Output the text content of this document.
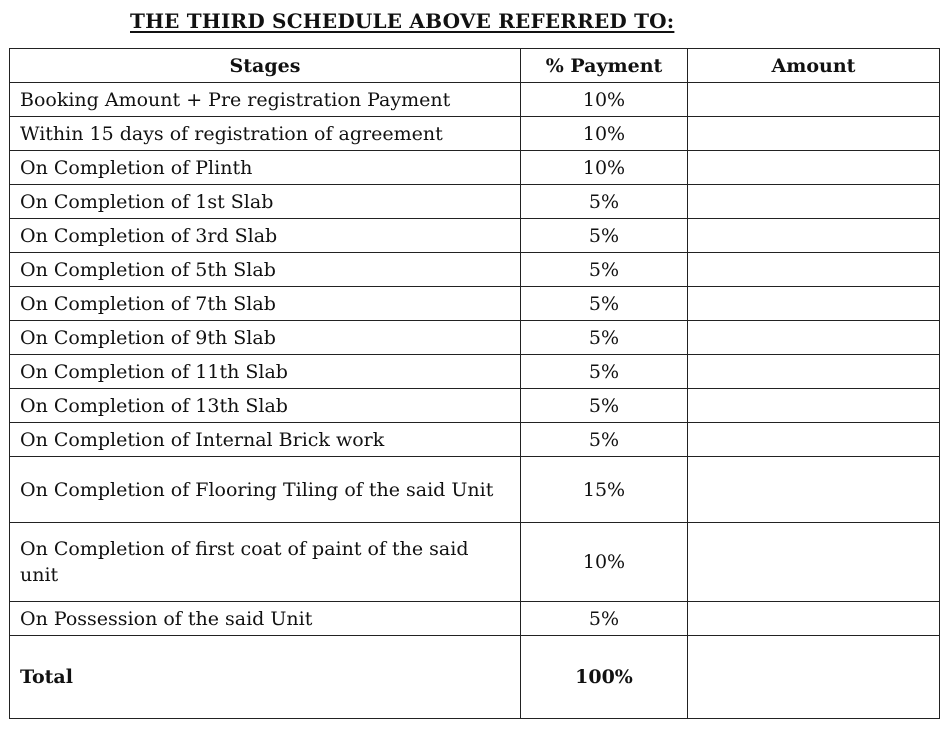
THE THIRD SCHEDULE ABOVE REFERRED TO:
Stages	% Payment	Amount
Booking Amount + Pre registration Payment	10%	
Within 15 days of registration of agreement	10%	
On Completion of Plinth	10%	
On Completion of 1st Slab	5%	
On Completion of 3rd Slab	5%	
On Completion of 5th Slab	5%	
On Completion of 7th Slab	5%	
On Completion of 9th Slab	5%	
On Completion of 11th Slab	5%	
On Completion of 13th Slab	5%	
On Completion of Internal Brick work	5%	
On Completion of Flooring Tiling of the said Unit	15%	
On Completion of first coat of paint of the said unit	10%	
On Possession of the said Unit	5%	
Total	100%	
